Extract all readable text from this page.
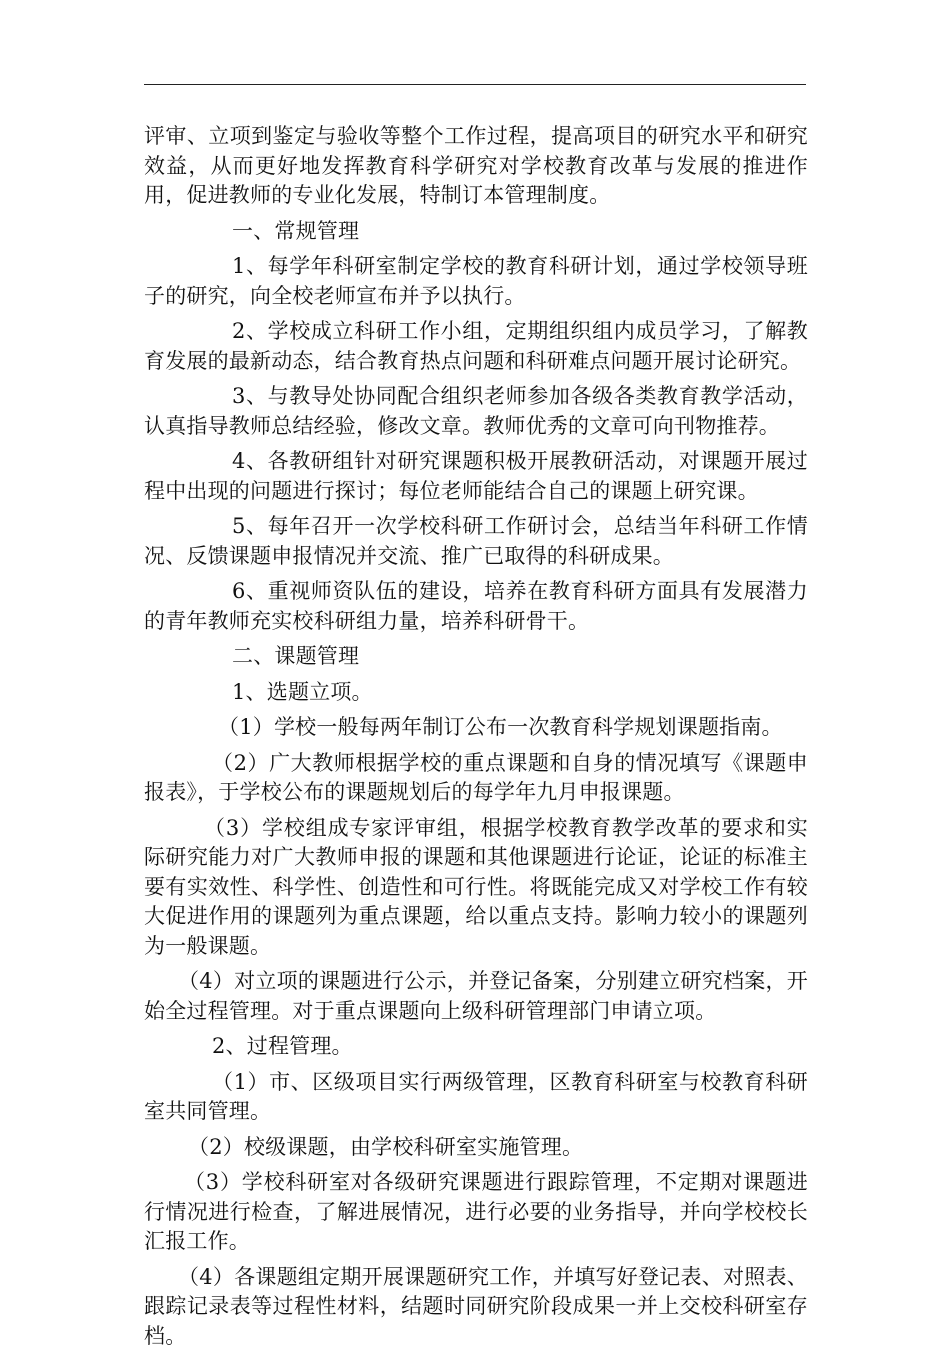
评审、立项到鉴定与验收等整个工作过程，提高项目的研究水平和研究效益，从而更好地发挥教育科学研究对学校教育改革与发展的推进作用，促进教师的专业化发展，特制订本管理制度。

一、常规管理

1、每学年科研室制定学校的教育科研计划，通过学校领导班子的研究，向全校老师宣布并予以执行。

2、学校成立科研工作小组，定期组织组内成员学习，了解教育发展的最新动态，结合教育热点问题和科研难点问题开展讨论研究。

3、与教导处协同配合组织老师参加各级各类教育教学活动，认真指导教师总结经验，修改文章。教师优秀的文章可向刊物推荐。

4、各教研组针对研究课题积极开展教研活动，对课题开展过程中出现的问题进行探讨；每位老师能结合自己的课题上研究课。

5、每年召开一次学校科研工作研讨会，总结当年科研工作情况、反馈课题申报情况并交流、推广已取得的科研成果。

6、重视师资队伍的建设，培养在教育科研方面具有发展潜力的青年教师充实校科研组力量，培养科研骨干。

二、课题管理

1、选题立项。

（1）学校一般每两年制订公布一次教育科学规划课题指南。

（2）广大教师根据学校的重点课题和自身的情况填写《课题申报表》，于学校公布的课题规划后的每学年九月申报课题。

（3）学校组成专家评审组，根据学校教育教学改革的要求和实际研究能力对广大教师申报的课题和其他课题进行论证，论证的标准主要有实效性、科学性、创造性和可行性。将既能完成又对学校工作有较大促进作用的课题列为重点课题，给以重点支持。影响力较小的课题列为一般课题。

（4）对立项的课题进行公示，并登记备案，分别建立研究档案，开始全过程管理。对于重点课题向上级科研管理部门申请立项。

2、过程管理。

（1）市、区级项目实行两级管理，区教育科研室与校教育科研室共同管理。

（2）校级课题，由学校科研室实施管理。

（3）学校科研室对各级研究课题进行跟踪管理，不定期对课题进行情况进行检查，了解进展情况，进行必要的业务指导，并向学校校长汇报工作。

（4）各课题组定期开展课题研究工作，并填写好登记表、对照表、跟踪记录表等过程性材料，结题时同研究阶段成果一并上交校科研室存档。
